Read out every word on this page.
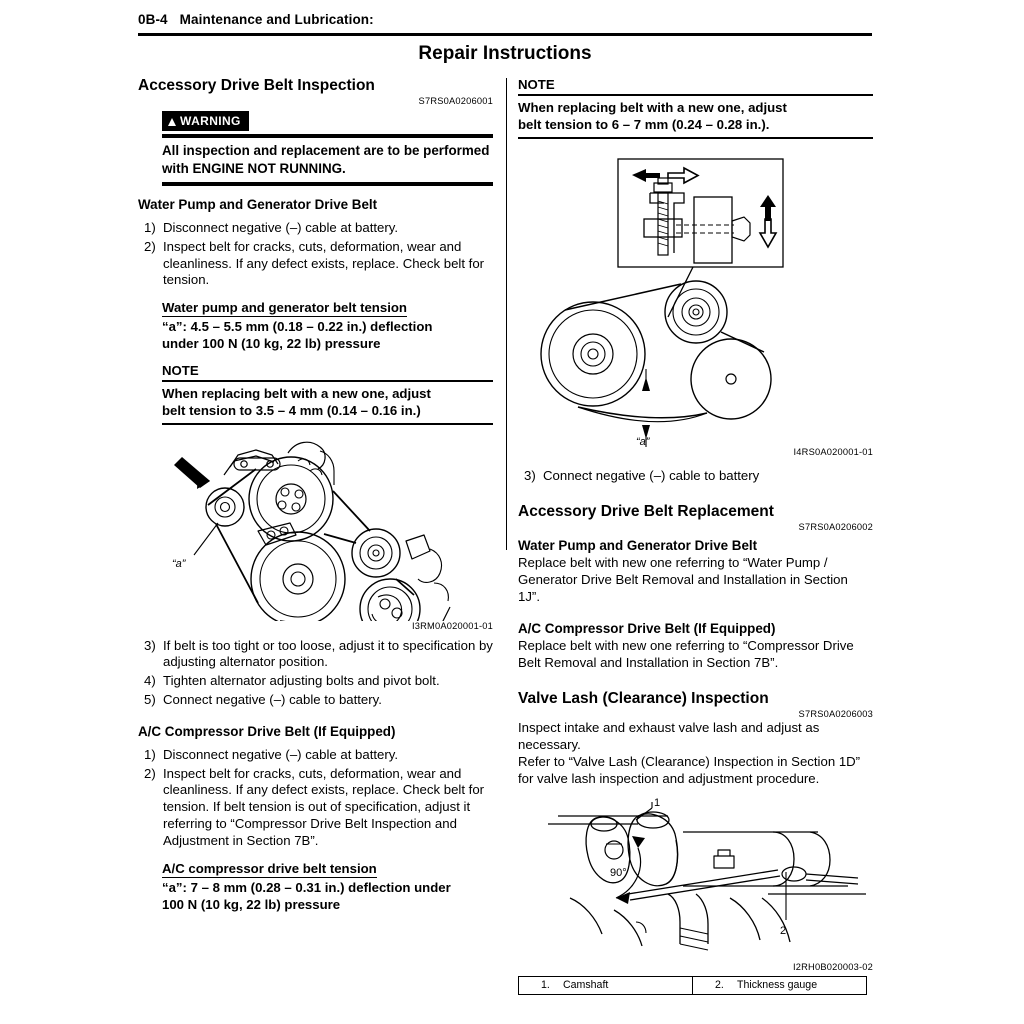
0B-4 Maintenance and Lubrication:
Repair Instructions
Accessory Drive Belt Inspection
S7RS0A0206001
WARNING
All inspection and replacement are to be performed with ENGINE NOT RUNNING.
Water Pump and Generator Drive Belt
1) Disconnect negative (–) cable at battery.
2) Inspect belt for cracks, cuts, deformation, wear and cleanliness. If any defect exists, replace. Check belt for tension.
Water pump and generator belt tension
“a”: 4.5 – 5.5 mm (0.18 – 0.22 in.) deflection
under 100 N (10 kg, 22 lb) pressure
NOTE
When replacing belt with a new one, adjust
belt tension to 3.5 – 4 mm (0.14 – 0.16 in.)
“a”
I3RM0A020001-01
3) If belt is too tight or too loose, adjust it to specification by adjusting alternator position.
4) Tighten alternator adjusting bolts and pivot bolt.
5) Connect negative (–) cable to battery.
A/C Compressor Drive Belt (If Equipped)
1) Disconnect negative (–) cable at battery.
2) Inspect belt for cracks, cuts, deformation, wear and cleanliness. If any defect exists, replace. Check belt for tension. If belt tension is out of specification, adjust it referring to “Compressor Drive Belt Inspection and Adjustment in Section 7B”.
A/C compressor drive belt tension
“a”: 7 – 8 mm (0.28 – 0.31 in.) deflection under
100 N (10 kg, 22 lb) pressure
NOTE
When replacing belt with a new one, adjust
belt tension to 6 – 7 mm (0.24 – 0.28 in.).
“a”
I4RS0A020001-01
3) Connect negative (–) cable to battery
Accessory Drive Belt Replacement
S7RS0A0206002
Water Pump and Generator Drive Belt

Replace belt with new one referring to “Water Pump / Generator Drive Belt Removal and Installation in Section 1J”.

A/C Compressor Drive Belt (If Equipped)

Replace belt with new one referring to “Compressor Drive Belt Removal and Installation in Section 7B”.

Valve Lash (Clearance) Inspection
S7RS0A0206003

Inspect intake and exhaust valve lash and adjust as necessary.

Refer to “Valve Lash (Clearance) Inspection in Section 1D” for valve lash inspection and adjustment procedure.

1
2
90°
I2RH0B020003-02
1. Camshaft	2. Thickness gauge
